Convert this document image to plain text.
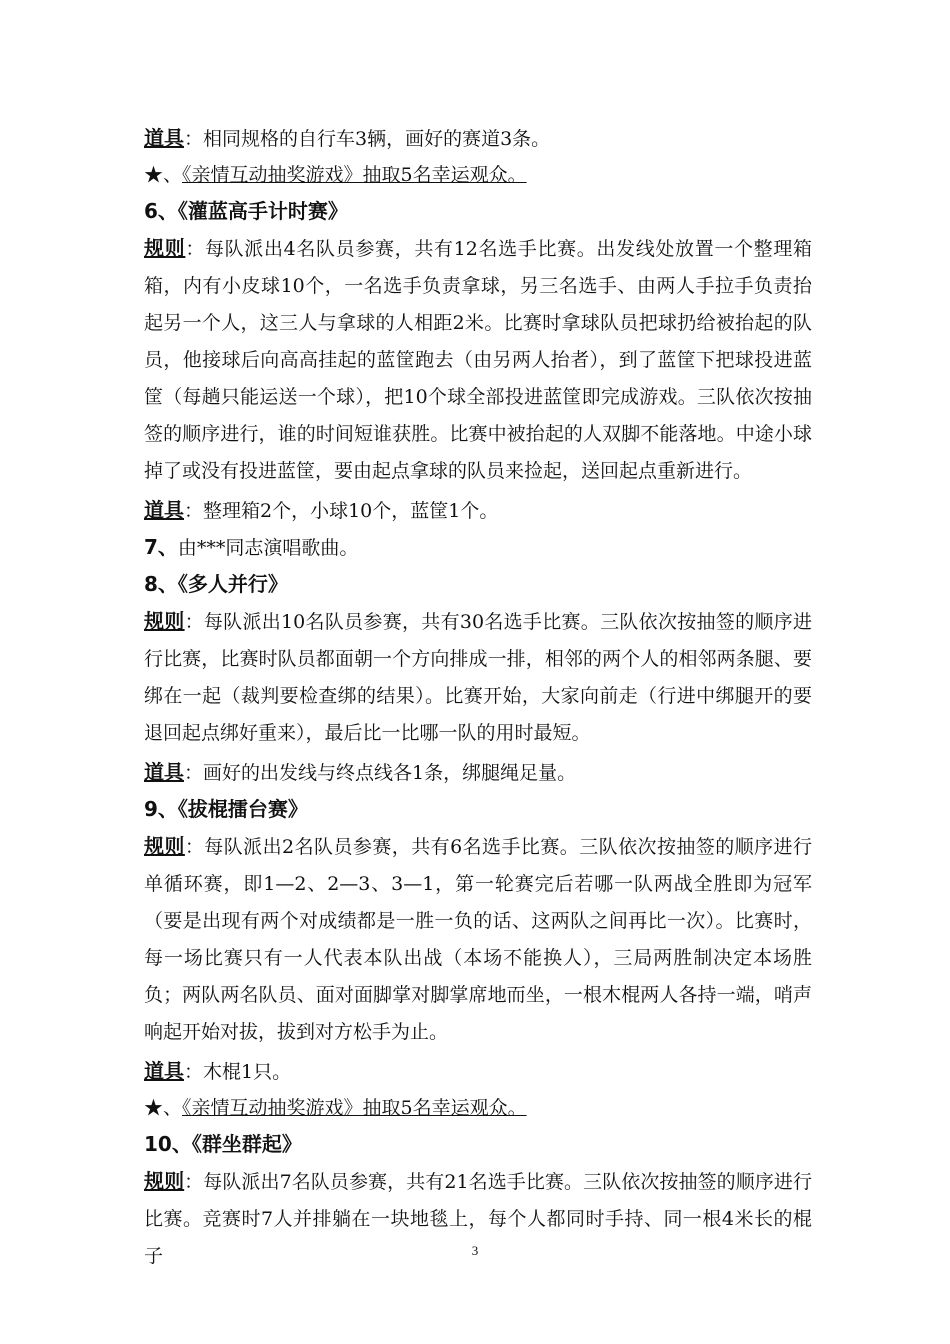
道具：相同规格的自行车3辆，画好的赛道3条。

★、《亲情互动抽奖游戏》抽取5名幸运观众。

6、《灌蓝高手计时赛》

规则：每队派出4名队员参赛，共有12名选手比赛。出发线处放置一个整理箱箱，内有小皮球10个，一名选手负责拿球，另三名选手、由两人手拉手负责抬起另一个人，这三人与拿球的人相距2米。比赛时拿球队员把球扔给被抬起的队员，他接球后向高高挂起的蓝筐跑去（由另两人抬者），到了蓝筐下把球投进蓝筐（每趟只能运送一个球），把10个球全部投进蓝筐即完成游戏。三队依次按抽签的顺序进行，谁的时间短谁获胜。比赛中被抬起的人双脚不能落地。中途小球掉了或没有投进蓝筐，要由起点拿球的队员来捡起，送回起点重新进行。

道具：整理箱2个，小球10个，蓝筐1个。

7、由***同志演唱歌曲。

8、《多人并行》

规则：每队派出10名队员参赛，共有30名选手比赛。三队依次按抽签的顺序进行比赛，比赛时队员都面朝一个方向排成一排，相邻的两个人的相邻两条腿、要绑在一起（裁判要检查绑的结果）。比赛开始，大家向前走（行进中绑腿开的要退回起点绑好重来），最后比一比哪一队的用时最短。

道具：画好的出发线与终点线各1条，绑腿绳足量。

9、《拔棍擂台赛》

规则：每队派出2名队员参赛，共有6名选手比赛。三队依次按抽签的顺序进行单循环赛，即1—2、2—3、3—1，第一轮赛完后若哪一队两战全胜即为冠军（要是出现有两个对成绩都是一胜一负的话、这两队之间再比一次）。比赛时，每一场比赛只有一人代表本队出战（本场不能换人），三局两胜制决定本场胜负；两队两名队员、面对面脚掌对脚掌席地而坐，一根木棍两人各持一端，哨声响起开始对拔，拔到对方松手为止。

道具：木棍1只。

★、《亲情互动抽奖游戏》抽取5名幸运观众。

10、《群坐群起》

规则：每队派出7名队员参赛，共有21名选手比赛。三队依次按抽签的顺序进行比赛。竞赛时7人并排躺在一块地毯上，每个人都同时手持、同一根4米长的棍子	3
